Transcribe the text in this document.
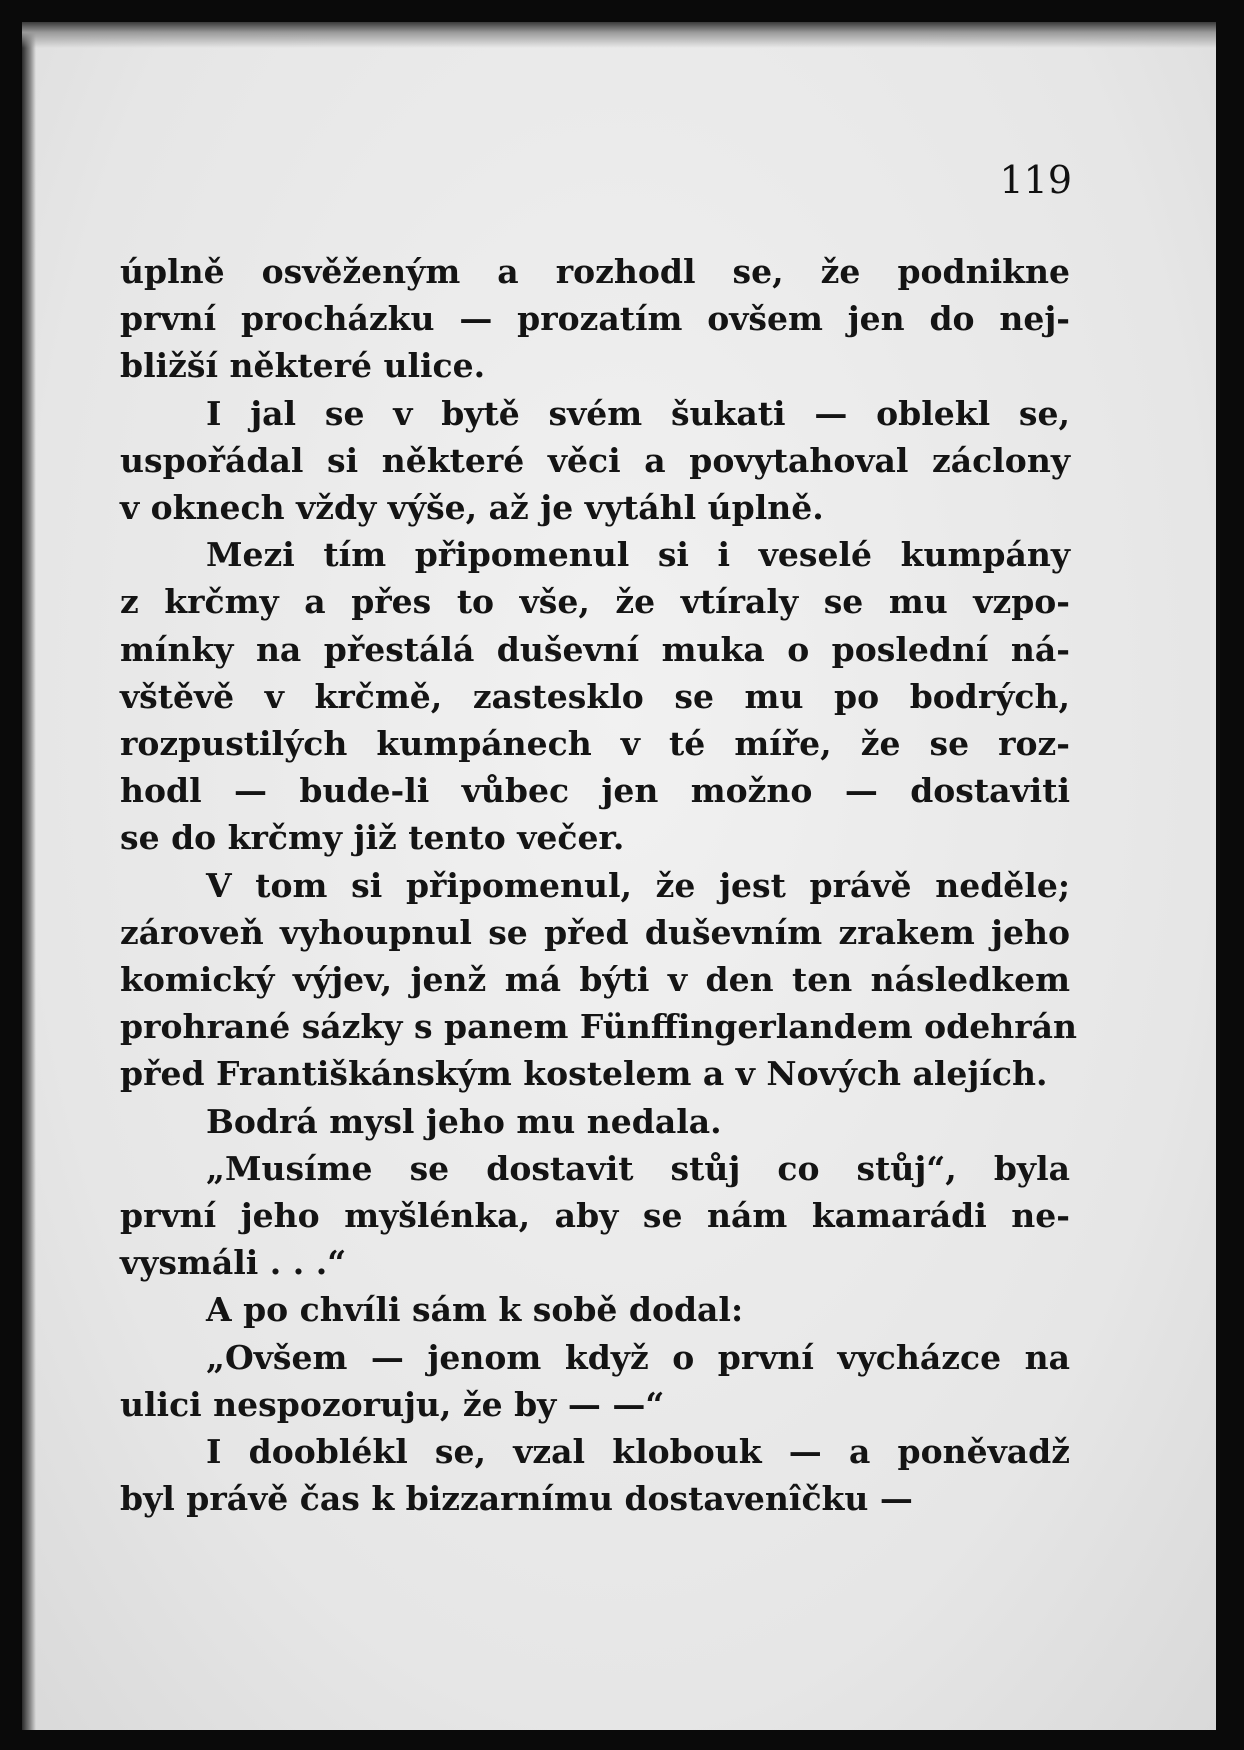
119

úplně osvěženým a rozhodl se, že podnikne
první procházku — prozatím ovšem jen do nej-
bližší některé ulice.

I jal se v bytě svém šukati — oblekl se,
uspořádal si některé věci a povytahoval záclony
v oknech vždy výše, až je vytáhl úplně.

Mezi tím připomenul si i veselé kumpány
z krčmy a přes to vše, že vtíraly se mu vzpo-
mínky na přestálá duševní muka o poslední ná-
vštěvě v krčmě, zastesklo se mu po bodrých,
rozpustilých kumpánech v té míře, že se roz-
hodl — bude-li vůbec jen možno — dostaviti
se do krčmy již tento večer.

V tom si připomenul, že jest právě neděle;
zároveň vyhoupnul se před duševním zrakem jeho
komický výjev, jenž má býti v den ten následkem
prohrané sázky s panem Fünffingerlandem odehrán
před Františkánským kostelem a v Nových alejích.

Bodrá mysl jeho mu nedala.

„Musíme se dostavit stůj co stůj“, byla
první jeho myšlénka, aby se nám kamarádi ne-
vysmáli . . .“

A po chvíli sám k sobě dodal:

„Ovšem — jenom když o první vycházce na
ulici nespozoruju, že by — —“

I dooblékl se, vzal klobouk — a poněvadž
byl právě čas k bizzarnímu dostavenîčku —
